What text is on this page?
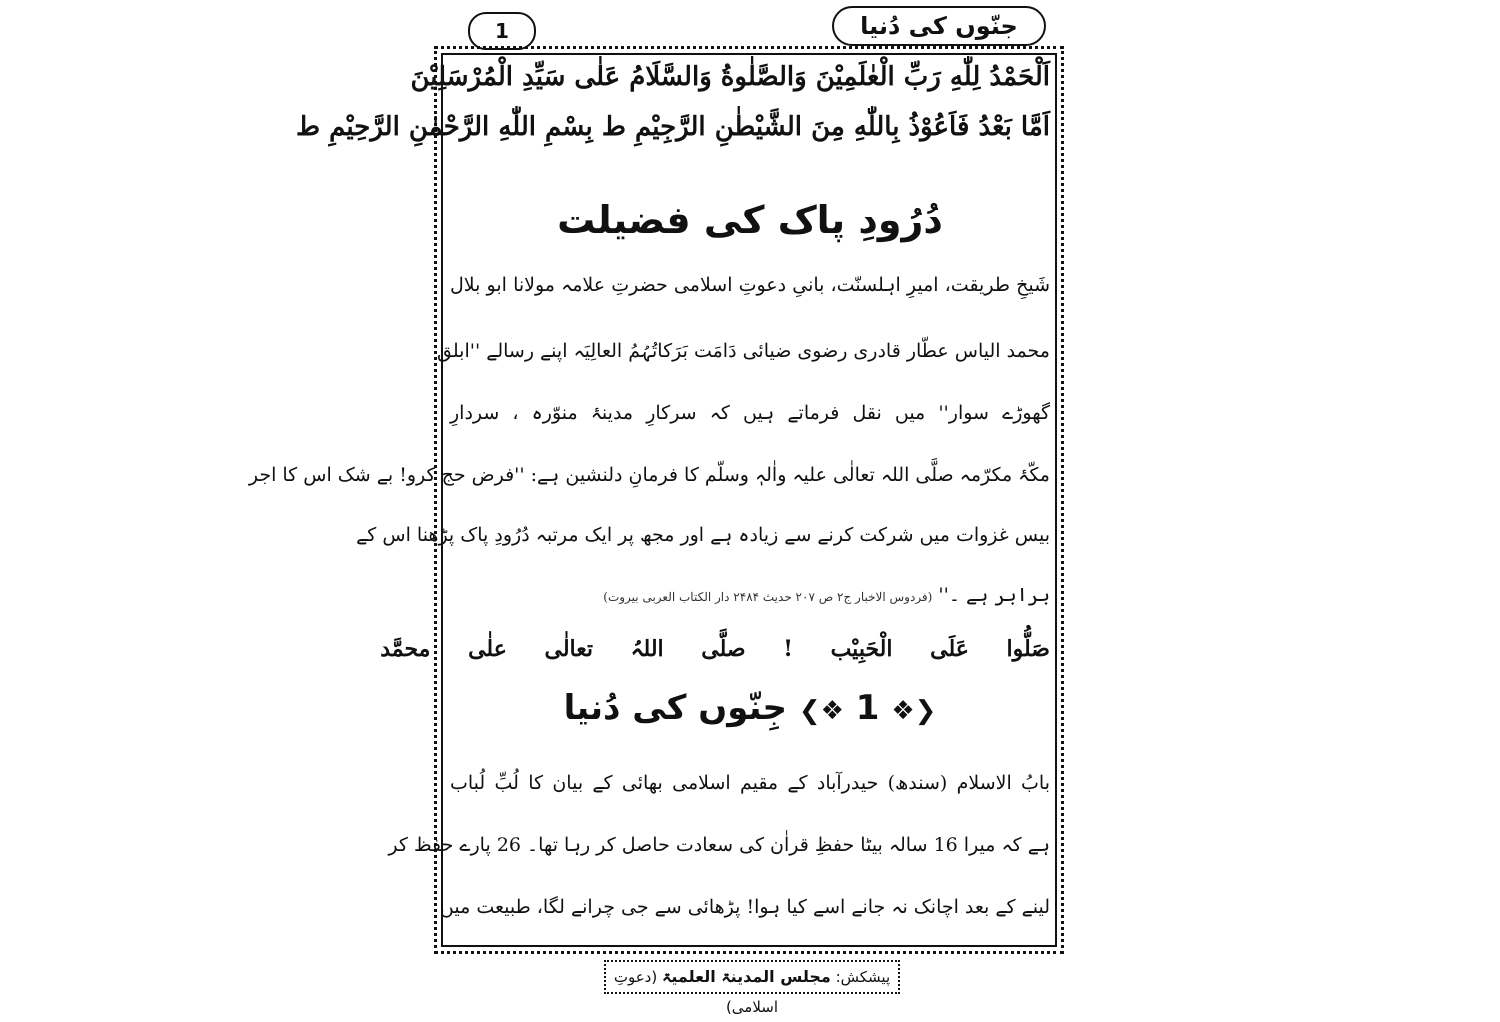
1	جنّوں کی دُنیا
اَلْحَمْدُ لِلّٰهِ رَبِّ الْعٰلَمِیْنَ وَالصَّلٰوةُ وَالسَّلَامُ عَلٰی سَیِّدِ الْمُرْسَلِیْنَ
اَمَّا بَعْدُ فَاَعُوْذُ بِاللّٰهِ مِنَ الشَّیْطٰنِ الرَّجِیْمِ ط بِسْمِ اللّٰهِ الرَّحْمٰنِ الرَّحِیْمِ ط
دُرُودِ پاک کی فضیلت
شَیخِ طریقت، امیرِ اہلسنّت، بانیِ دعوتِ اسلامی حضرتِ علامہ مولانا ابو بلال
محمد الیاس عطّار قادری رضوی ضیائی دَامَت بَرَکاتُہُمُ العالِیَہ اپنے رسالے ''ابلق
گھوڑے سوار'' میں نقل فرماتے ہیں کہ سرکارِ مدینۂ منوّرہ ، سردارِ
مکّۂ مکرّمہ صلَّی اللہ تعالٰی علیہ واٰلہٖ وسلّم کا فرمانِ دلنشین ہے: ''فرض حج کرو! بے شک اس کا اجر
بیس غزوات میں شرکت کرنے سے زیادہ ہے اور مجھ پر ایک مرتبہ دُرُودِ پاک پڑھنا اس کے
برابر ہے ۔'' (فردوس الاخبار ج۲ ص ۲۰۷ حدیث ۲۴۸۴ دار الکتاب العربی بیروت)
صَلُّوا عَلَی الْحَبِیْب ! صلَّی اللہُ تعالٰی علٰی محمَّد
❮❖ 1 ❖❯ جِنّوں کی دُنیا
بابُ الاسلام (سندھ) حیدرآباد کے مقیم اسلامی بھائی کے بیان کا لُبِّ لُباب
ہے کہ میرا 16 سالہ بیٹا حفظِ قراٰن کی سعادت حاصل کر رہا تھا۔ 26 پارے حفظ کر
لینے کے بعد اچانک نہ جانے اسے کیا ہوا! پڑھائی سے جی چرانے لگا، طبیعت میں
پیشکش: مجلس المدینۃ العلمیۃ (دعوتِ اسلامی)
